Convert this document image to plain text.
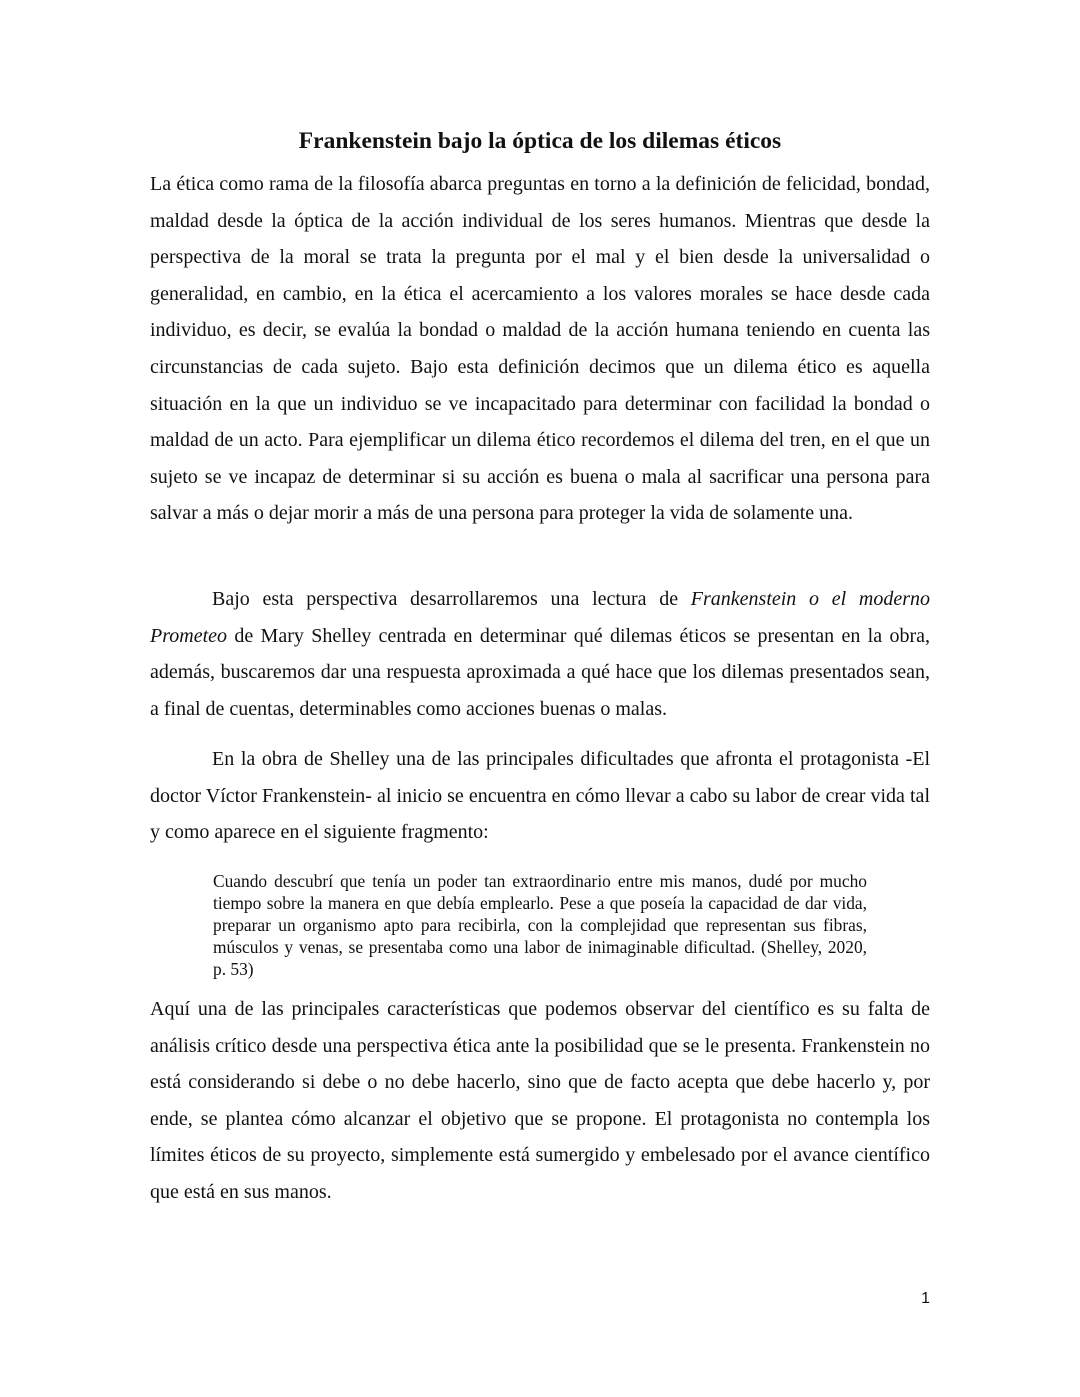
Frankenstein bajo la óptica de los dilemas éticos

La ética como rama de la filosofía abarca preguntas en torno a la definición de felicidad, bondad, maldad desde la óptica de la acción individual de los seres humanos. Mientras que desde la perspectiva de la moral se trata la pregunta por el mal y el bien desde la universalidad o generalidad, en cambio, en la ética el acercamiento a los valores morales se hace desde cada individuo, es decir, se evalúa la bondad o maldad de la acción humana teniendo en cuenta las circunstancias de cada sujeto. Bajo esta definición decimos que un dilema ético es aquella situación en la que un individuo se ve incapacitado para determinar con facilidad la bondad o maldad de un acto. Para ejemplificar un dilema ético recordemos el dilema del tren, en el que un sujeto se ve incapaz de determinar si su acción es buena o mala al sacrificar una persona para salvar a más o dejar morir a más de una persona para proteger la vida de solamente una.

Bajo esta perspectiva desarrollaremos una lectura de Frankenstein o el moderno Prometeo de Mary Shelley centrada en determinar qué dilemas éticos se presentan en la obra, además, buscaremos dar una respuesta aproximada a qué hace que los dilemas presentados sean, a final de cuentas, determinables como acciones buenas o malas.

En la obra de Shelley una de las principales dificultades que afronta el protagonista -El doctor Víctor Frankenstein- al inicio se encuentra en cómo llevar a cabo su labor de crear vida tal y como aparece en el siguiente fragmento:

Cuando descubrí que tenía un poder tan extraordinario entre mis manos, dudé por mucho tiempo sobre la manera en que debía emplearlo. Pese a que poseía la capacidad de dar vida, preparar un organismo apto para recibirla, con la complejidad que representan sus fibras, músculos y venas, se presentaba como una labor de inimaginable dificultad. (Shelley, 2020, p. 53)

Aquí una de las principales características que podemos observar del científico es su falta de análisis crítico desde una perspectiva ética ante la posibilidad que se le presenta. Frankenstein no está considerando si debe o no debe hacerlo, sino que de facto acepta que debe hacerlo y, por ende, se plantea cómo alcanzar el objetivo que se propone. El protagonista no contempla los límites éticos de su proyecto, simplemente está sumergido y embelesado por el avance científico que está en sus manos.

1
